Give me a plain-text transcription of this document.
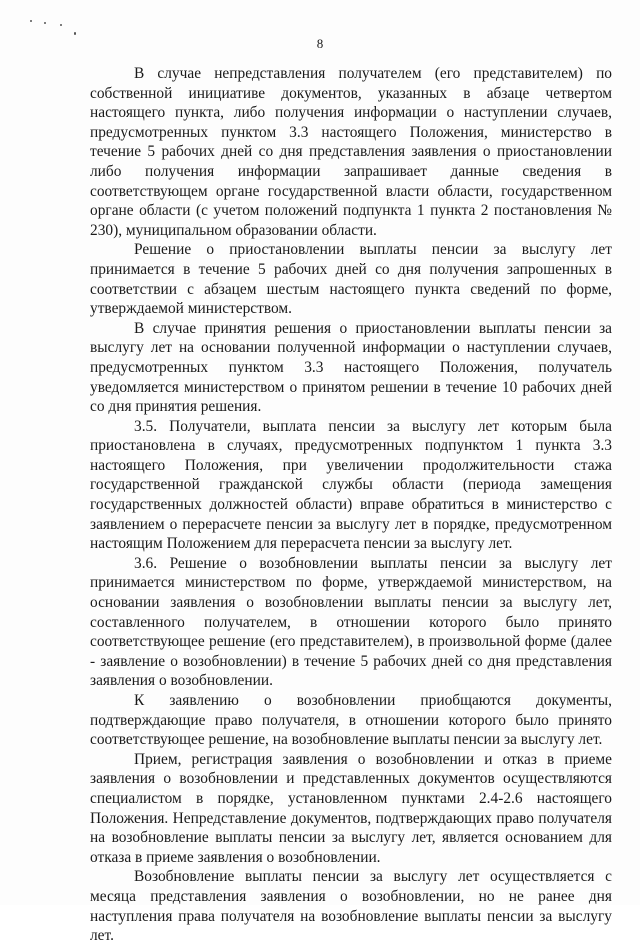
8

В случае непредставления получателем (его представителем) по собственной инициативе документов, указанных в абзаце четвертом настоящего пункта, либо получения информации о наступлении случаев, предусмотренных пунктом 3.3 настоящего Положения, министерство в течение 5 рабочих дней со дня представления заявления о приостановлении либо получения информации запрашивает данные сведения в соответствующем органе государственной власти области, государственном органе области (с учетом положений подпункта 1 пункта 2 постановления № 230), муниципальном образовании области.

Решение о приостановлении выплаты пенсии за выслугу лет принимается в течение 5 рабочих дней со дня получения запрошенных в соответствии с абзацем шестым настоящего пункта сведений по форме, утверждаемой министерством.

В случае принятия решения о приостановлении выплаты пенсии за выслугу лет на основании полученной информации о наступлении случаев, предусмотренных пунктом 3.3 настоящего Положения, получатель уведомляется министерством о принятом решении в течение 10 рабочих дней со дня принятия решения.

3.5. Получатели, выплата пенсии за выслугу лет которым была приостановлена в случаях, предусмотренных подпунктом 1 пункта 3.3 настоящего Положения, при увеличении продолжительности стажа государственной гражданской службы области (периода замещения государственных должностей области) вправе обратиться в министерство с заявлением о перерасчете пенсии за выслугу лет в порядке, предусмотренном настоящим Положением для перерасчета пенсии за выслугу лет.

3.6. Решение о возобновлении выплаты пенсии за выслугу лет принимается министерством по форме, утверждаемой министерством, на основании заявления о возобновлении выплаты пенсии за выслугу лет, составленного получателем, в отношении которого было принято соответствующее решение (его представителем), в произвольной форме (далее - заявление о возобновлении) в течение 5 рабочих дней со дня представления заявления о возобновлении.

К заявлению о возобновлении приобщаются документы, подтверждающие право получателя, в отношении которого было принято соответствующее решение, на возобновление выплаты пенсии за выслугу лет.

Прием, регистрация заявления о возобновлении и отказ в приеме заявления о возобновлении и представленных документов осуществляются специалистом в порядке, установленном пунктами 2.4-2.6 настоящего Положения. Непредставление документов, подтверждающих право получателя на возобновление выплаты пенсии за выслугу лет, является основанием для отказа в приеме заявления о возобновлении.

Возобновление выплаты пенсии за выслугу лет осуществляется с месяца представления заявления о возобновлении, но не ранее дня наступления права получателя на возобновление выплаты пенсии за выслугу лет.
